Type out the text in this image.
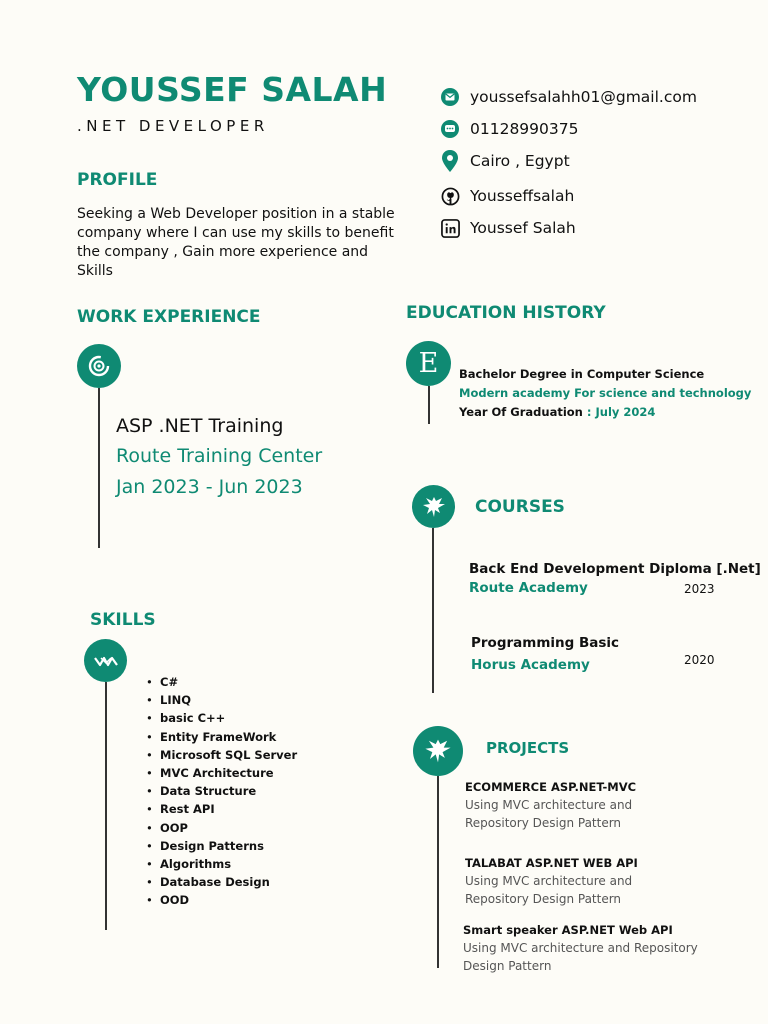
YOUSSEF SALAH
.NET DEVELOPER
PROFILE
Seeking a Web Developer position in a stable company where I can use my skills to benefit the company , Gain more experience and Skills
youssefsalahh01@gmail.com
01128990375
Cairo , Egypt
Yousseffsalah
Youssef Salah
WORK EXPERIENCE
ASP .NET Training
Route Training Center
Jan 2023 - Jun 2023
EDUCATION HISTORY
E	Bachelor Degree in Computer Science
Modern academy For science and technology
Year Of Graduation : July 2024
COURSES
Back End Development Diploma [.Net]
Route Academy	2023
Programming Basic
Horus Academy	2020
SKILLS
• C#
• LINQ
• basic C++
• Entity FrameWork
• Microsoft SQL Server
• MVC Architecture
• Data Structure
• Rest API
• OOP
• Design Patterns
• Algorithms
• Database Design
• OOD
PROJECTS
ECOMMERCE ASP.NET-MVC
Using MVC architecture and
Repository Design Pattern
TALABAT ASP.NET WEB API
Using MVC architecture and
Repository Design Pattern
Smart speaker ASP.NET Web API
Using MVC architecture and Repository
Design Pattern
